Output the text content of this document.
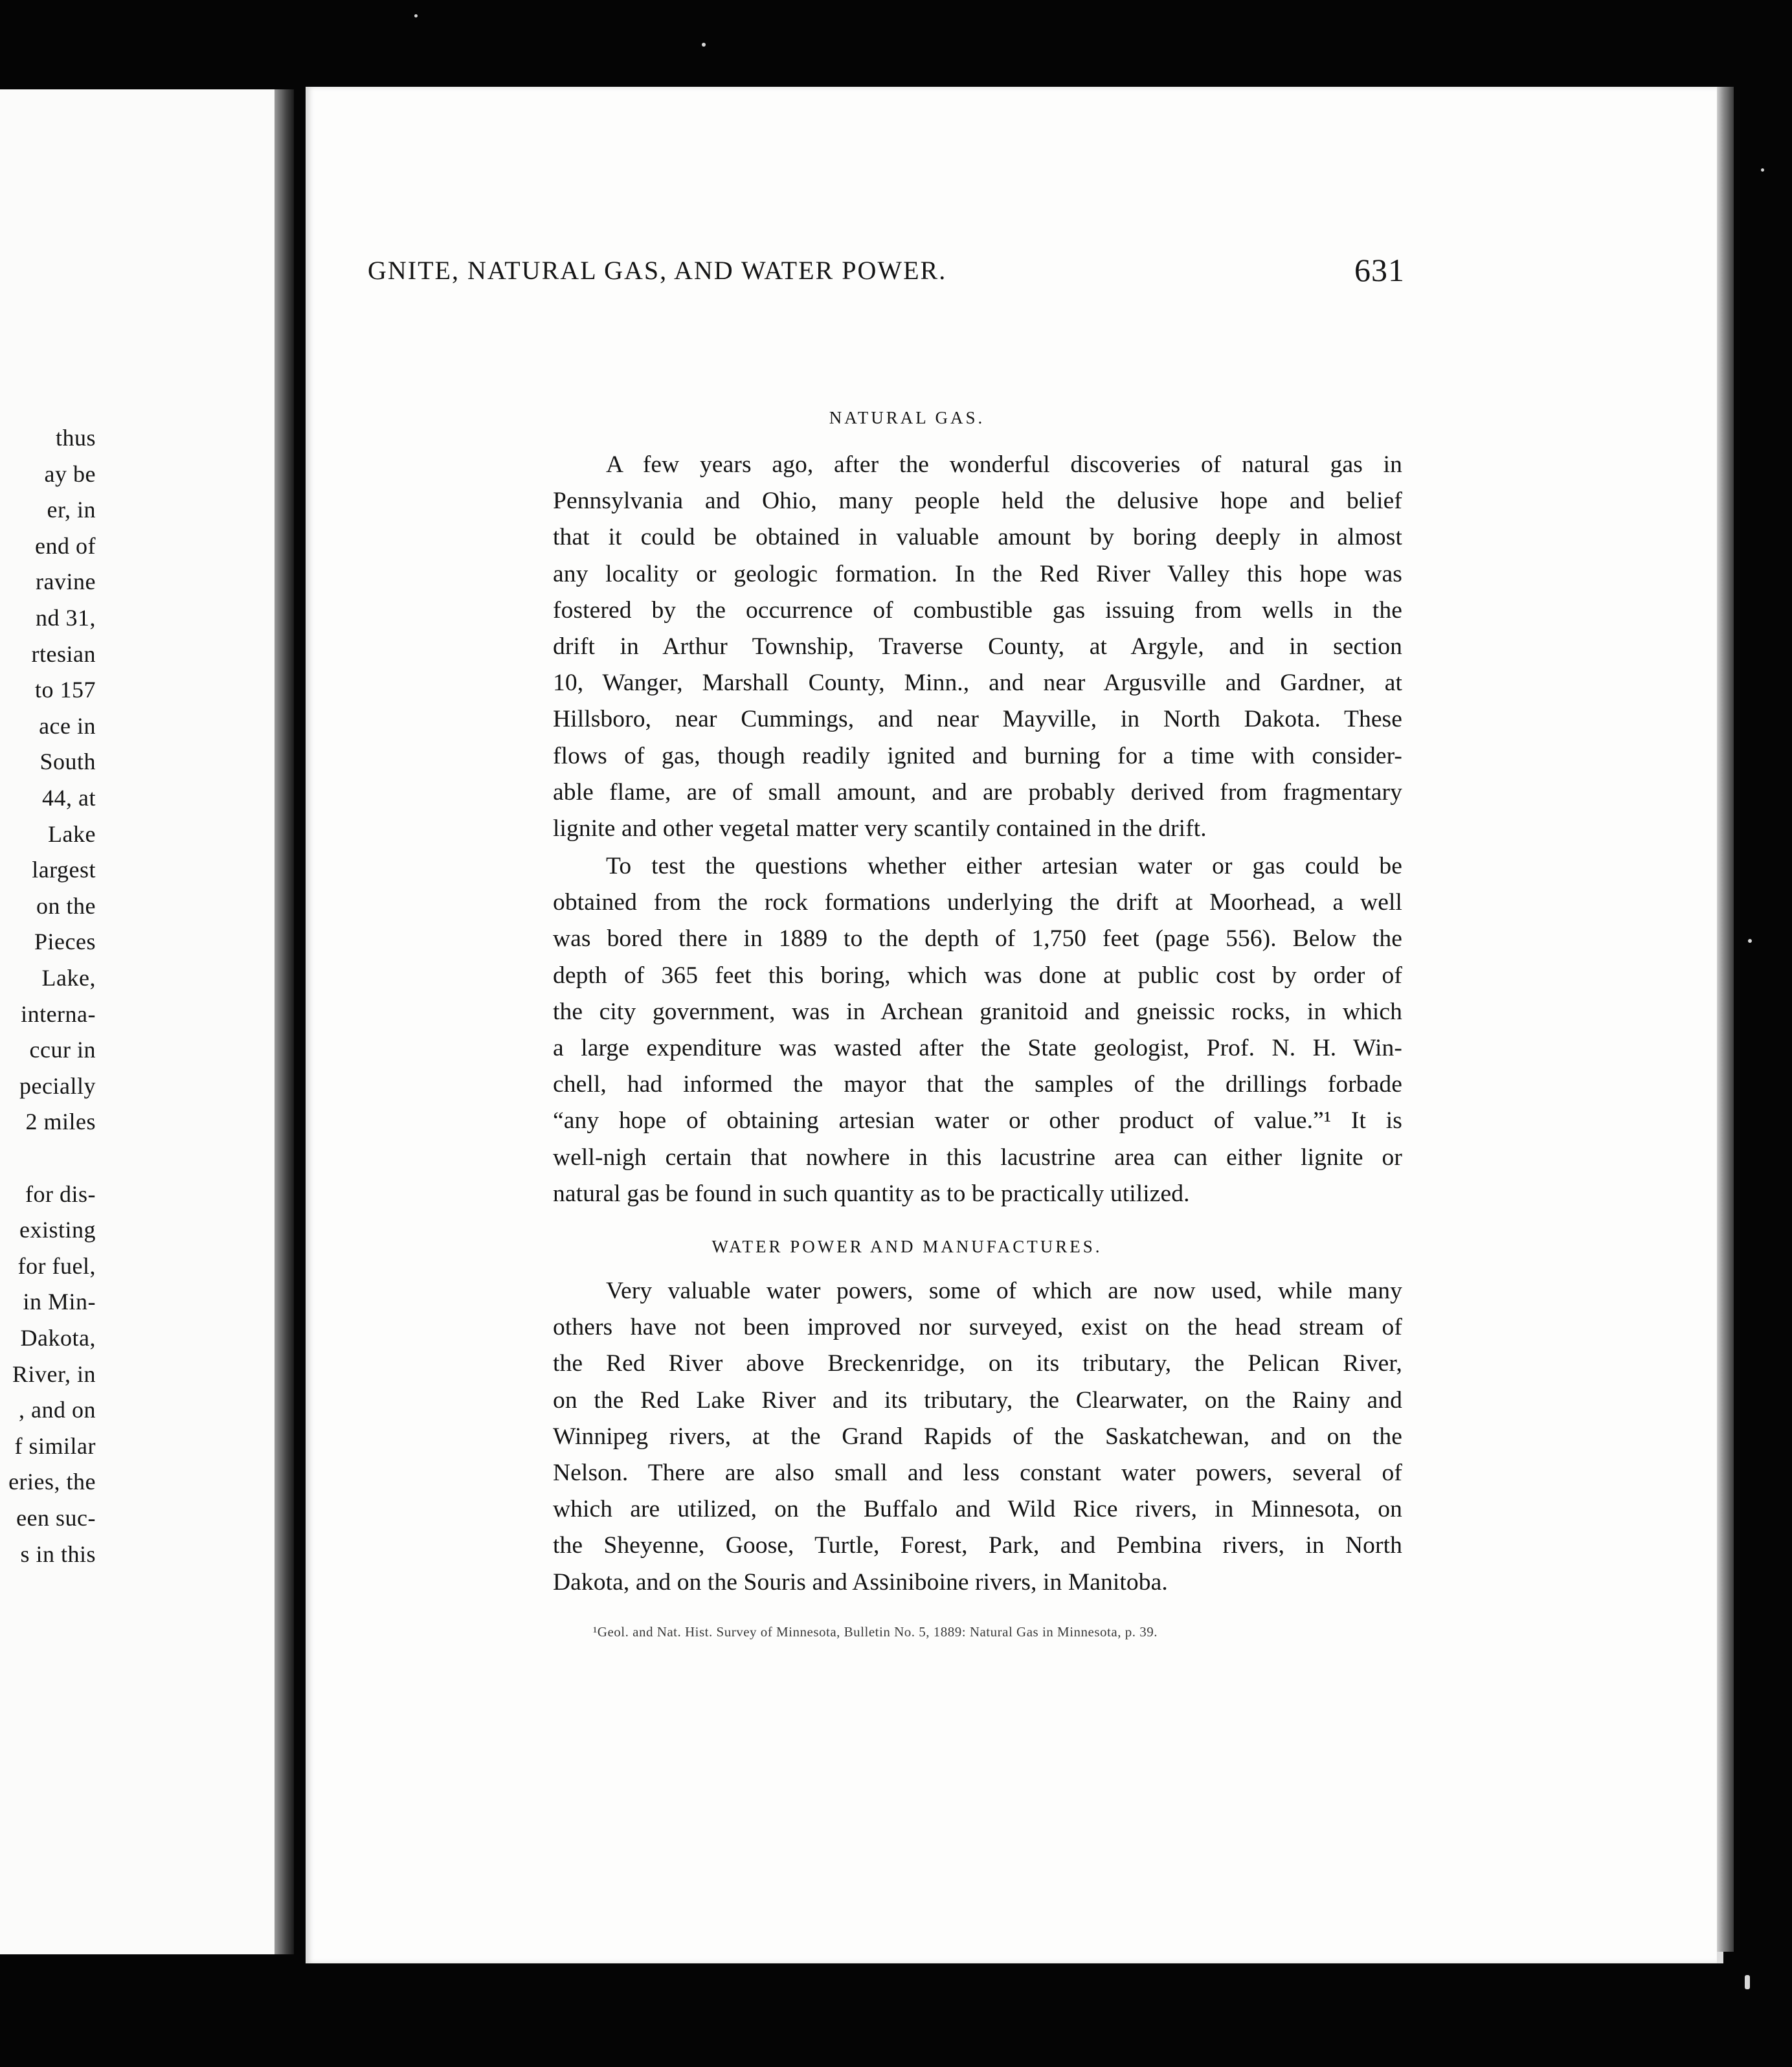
thus
ay be
er, in
end of
ravine
nd 31,
rtesian
to 157
ace in
South
44, at
Lake
largest
on the
Pieces
Lake,
interna-
ccur in
pecially
2 miles
for dis-
existing
for fuel,
in Min-
Dakota,
River, in
, and on
f similar
eries, the
een suc-
s in this
GNITE, NATURAL GAS, AND WATER POWER.	631
NATURAL GAS.
A few years ago, after the wonderful discoveries of natural gas in
Pennsylvania and Ohio, many people held the delusive hope and belief
that it could be obtained in valuable amount by boring deeply in almost
any locality or geologic formation. In the Red River Valley this hope was
fostered by the occurrence of combustible gas issuing from wells in the
drift in Arthur Township, Traverse County, at Argyle, and in section
10, Wanger, Marshall County, Minn., and near Argusville and Gardner, at
Hillsboro, near Cummings, and near Mayville, in North Dakota. These
flows of gas, though readily ignited and burning for a time with consider-
able flame, are of small amount, and are probably derived from fragmentary
lignite and other vegetal matter very scantily contained in the drift.
To test the questions whether either artesian water or gas could be
obtained from the rock formations underlying the drift at Moorhead, a well
was bored there in 1889 to the depth of 1,750 feet (page 556). Below the
depth of 365 feet this boring, which was done at public cost by order of
the city government, was in Archean granitoid and gneissic rocks, in which
a large expenditure was wasted after the State geologist, Prof. N. H. Win-
chell, had informed the mayor that the samples of the drillings forbade
“any hope of obtaining artesian water or other product of value.”¹ It is
well-nigh certain that nowhere in this lacustrine area can either lignite or
natural gas be found in such quantity as to be practically utilized.
WATER POWER AND MANUFACTURES.
Very valuable water powers, some of which are now used, while many
others have not been improved nor surveyed, exist on the head stream of
the Red River above Breckenridge, on its tributary, the Pelican River,
on the Red Lake River and its tributary, the Clearwater, on the Rainy and
Winnipeg rivers, at the Grand Rapids of the Saskatchewan, and on the
Nelson. There are also small and less constant water powers, several of
which are utilized, on the Buffalo and Wild Rice rivers, in Minnesota, on
the Sheyenne, Goose, Turtle, Forest, Park, and Pembina rivers, in North
Dakota, and on the Souris and Assiniboine rivers, in Manitoba.
¹Geol. and Nat. Hist. Survey of Minnesota, Bulletin No. 5, 1889: Natural Gas in Minnesota, p. 39.
